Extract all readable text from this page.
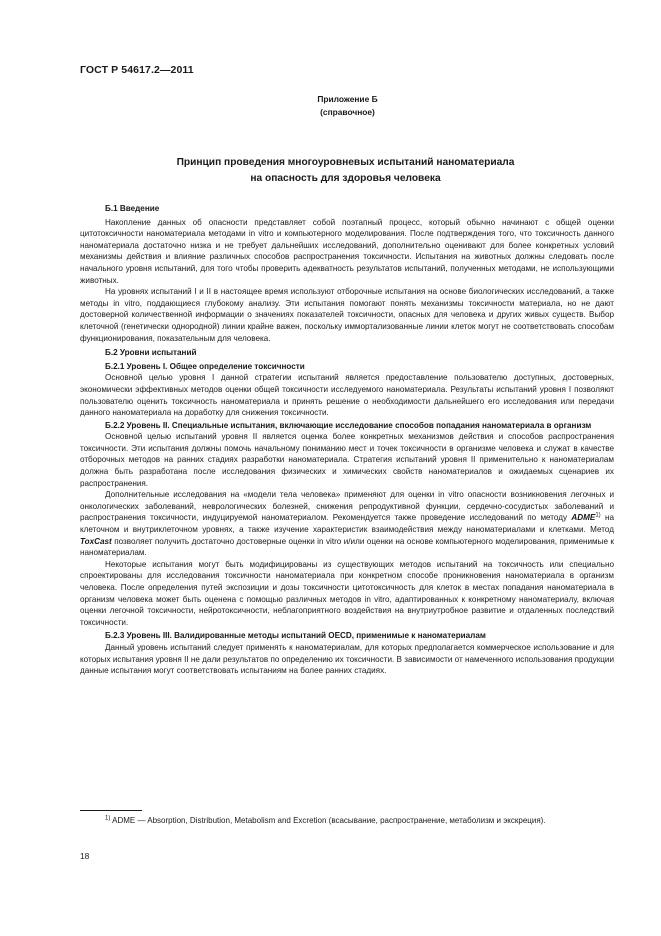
ГОСТ Р 54617.2—2011
Приложение Б
(справочное)
Принцип проведения многоуровневых испытаний наноматериала
на опасность для здоровья человека

Б.1 Введение

Накопление данных об опасности представляет собой поэтапный процесс, который обычно начинают с общей оценки цитотоксичности наноматериала методами in vitro и компьютерного моделирования. После подтверждения того, что токсичность данного наноматериала достаточно низка и не требует дальнейших исследований, дополнительно оценивают для более конкретных условий механизмы действия и влияние различных способов распространения токсичности. Испытания на животных должны следовать после начального уровня испытаний, для того чтобы проверить адекватность результатов испытаний, полученных методами, не использующими животных.

На уровнях испытаний I и II в настоящее время используют отборочные испытания на основе биологических исследований, а также методы in vitro, поддающиеся глубокому анализу. Эти испытания помогают понять механизмы токсичности материала, но не дают достоверной количественной информации о значениях показателей токсичности, опасных для человека и других живых существ. Выбор клеточной (генетически однородной) линии крайне важен, поскольку иммортализованные линии клеток могут не соответствовать способам функционирования, показательным для человека.

Б.2 Уровни испытаний

Б.2.1 Уровень I. Общее определение токсичности

Основной целью уровня I данной стратегии испытаний является предоставление пользователю доступных, достоверных, экономически эффективных методов оценки общей токсичности исследуемого наноматериала. Результаты испытаний уровня I позволяют пользователю оценить токсичность наноматериала и принять решение о необходимости дальнейшего его исследования или передачи данного наноматериала на доработку для снижения токсичности.

Б.2.2 Уровень II. Специальные испытания, включающие исследование способов попадания наноматериала в организм

Основной целью испытаний уровня II является оценка более конкретных механизмов действия и способов распространения токсичности. Эти испытания должны помочь начальному пониманию мест и точек токсичности в организме человека и служат в качестве отборочных методов на ранних стадиях разработки наноматериала. Стратегия испытаний уровня II применительно к наноматериалам должна быть разработана после исследования физических и химических свойств наноматериалов и ожидаемых сценариев их распространения.

Дополнительные исследования на «модели тела человека» применяют для оценки in vitro опасности возникновения легочных и онкологических заболеваний, неврологических болезней, снижения репродуктивной функции, сердечно-сосудистых заболеваний и распространения токсичности, индуцируемой наноматериалом. Рекомендуется также проведение исследований по методу ADME$^{1)}$ на клеточном и внутриклеточном уровнях, а также изучение характеристик взаимодействия между наноматериалами и клетками. Метод ToxCast позволяет получить достаточно достоверные оценки in vitro и/или оценки на основе компьютерного моделирования, применимые к наноматериалам.

Некоторые испытания могут быть модифицированы из существующих методов испытаний на токсичность или специально спроектированы для исследования токсичности наноматериала при конкретном способе проникновения наноматериала в организм человека. После определения путей экспозиции и дозы токсичности цитотоксичность для клеток в местах попадания наноматериала в организм человека может быть оценена с помощью различных методов in vitro, адаптированных к конкретному наноматериалу, включая оценки легочной токсичности, нейротоксичности, неблагоприятного воздействия на внутриутробное развитие и отдаленных последствий токсичности.

Б.2.3 Уровень III. Валидированные методы испытаний OECD, применимые к наноматериалам

Данный уровень испытаний следует применять к наноматериалам, для которых предполагается коммерческое использование и для которых испытания уровня II не дали результатов по определению их токсичности. В зависимости от намеченного использования продукции данные испытания могут соответствовать испытаниям на более ранних стадиях.

$^{1)}$ ADME — Absorption, Distribution, Metabolism and Excretion (всасывание, распространение, метаболизм и экскреция).
18
